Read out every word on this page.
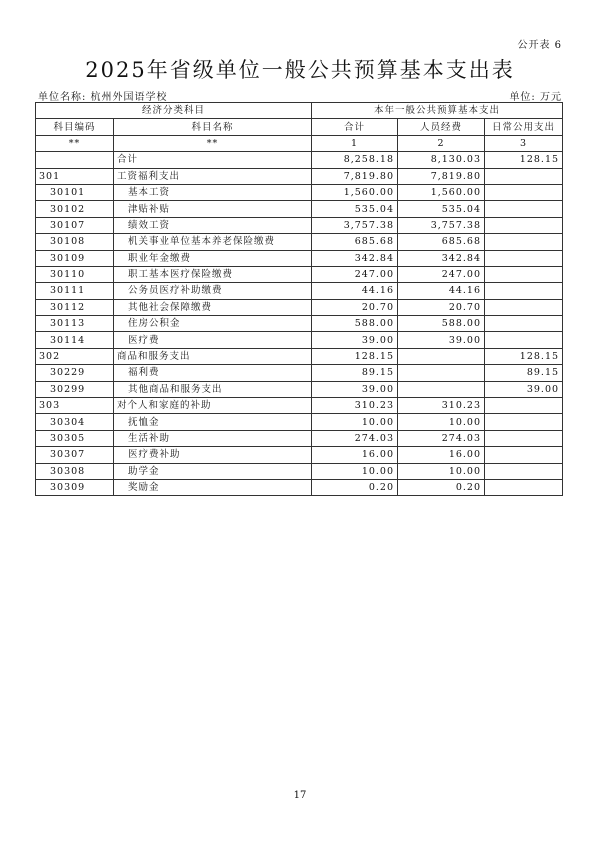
公开表 6
2025年省级单位一般公共预算基本支出表
单位名称: 杭州外国语学校	单位: 万元
经济分类科目		本年一般公共预算基本支出		
科目编码	科目名称	合计	人员经费	日常公用支出
**	**	1	2	3
	合计	8,258.18	8,130.03	128.15
301	工资福利支出	7,819.80	7,819.80	
30101	基本工资	1,560.00	1,560.00	
30102	津贴补贴	535.04	535.04	
30107	绩效工资	3,757.38	3,757.38	
30108	机关事业单位基本养老保险缴费	685.68	685.68	
30109	职业年金缴费	342.84	342.84	
30110	职工基本医疗保险缴费	247.00	247.00	
30111	公务员医疗补助缴费	44.16	44.16	
30112	其他社会保障缴费	20.70	20.70	
30113	住房公积金	588.00	588.00	
30114	医疗费	39.00	39.00	
302	商品和服务支出	128.15		128.15
30229	福利费	89.15		89.15
30299	其他商品和服务支出	39.00		39.00
303	对个人和家庭的补助	310.23	310.23	
30304	抚恤金	10.00	10.00	
30305	生活补助	274.03	274.03	
30307	医疗费补助	16.00	16.00	
30308	助学金	10.00	10.00	
30309	奖励金	0.20	0.20	
17
